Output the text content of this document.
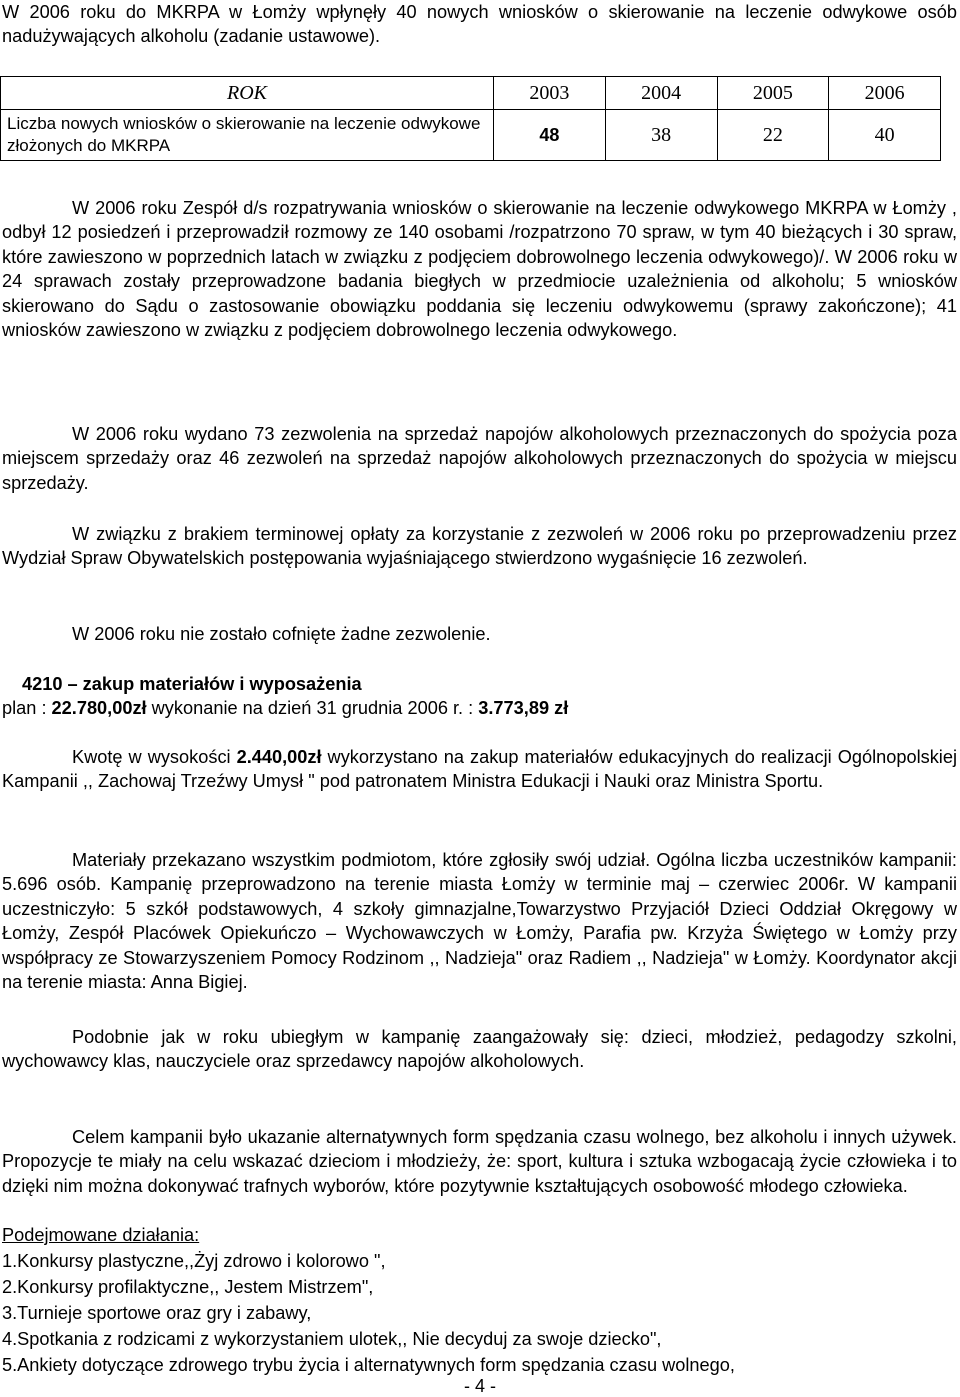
W 2006 roku do MKRPA w Łomży wpłynęły 40 nowych wniosków o skierowanie na leczenie odwykowe osób nadużywających alkoholu (zadanie ustawowe).

ROK	2003	2004	2005	2006
Liczba nowych wniosków o skierowanie na leczenie odwykowe złożonych do MKRPA	48	38	22	40

W 2006 roku Zespół d/s rozpatrywania wniosków o skierowanie na leczenie odwykowego MKRPA w Łomży , odbył 12 posiedzeń i przeprowadził rozmowy ze 140 osobami /rozpatrzono 70 spraw, w tym 40 bieżących i 30 spraw, które zawieszono w poprzednich latach w związku z podjęciem dobrowolnego leczenia odwykowego)/. W 2006 roku w 24 sprawach zostały przeprowadzone badania biegłych w przedmiocie uzależnienia od alkoholu; 5 wniosków skierowano do Sądu o zastosowanie obowiązku poddania się leczeniu odwykowemu (sprawy zakończone); 41 wniosków zawieszono w związku z podjęciem dobrowolnego leczenia odwykowego.

W 2006 roku wydano 73 zezwolenia na sprzedaż napojów alkoholowych przeznaczonych do spożycia poza miejscem sprzedaży oraz 46 zezwoleń na sprzedaż napojów alkoholowych przeznaczonych do spożycia w miejscu sprzedaży.

W związku z brakiem terminowej opłaty za korzystanie z zezwoleń w 2006 roku po przeprowadzeniu przez Wydział Spraw Obywatelskich postępowania wyjaśniającego stwierdzono wygaśnięcie 16 zezwoleń.

W 2006 roku nie zostało cofnięte żadne zezwolenie.

4210 – zakup materiałów i wyposażenia
plan : 22.780,00zł wykonanie na dzień 31 grudnia 2006 r. : 3.773,89 zł

Kwotę w wysokości 2.440,00zł wykorzystano na zakup materiałów edukacyjnych do realizacji Ogólnopolskiej Kampanii ,, Zachowaj Trzeźwy Umysł " pod patronatem Ministra Edukacji i Nauki oraz Ministra Sportu.

Materiały przekazano wszystkim podmiotom, które zgłosiły swój udział. Ogólna liczba uczestników kampanii: 5.696 osób. Kampanię przeprowadzono na terenie miasta Łomży w terminie maj – czerwiec 2006r. W kampanii uczestniczyło: 5 szkół podstawowych, 4 szkoły gimnazjalne,Towarzystwo Przyjaciół Dzieci Oddział Okręgowy w Łomży, Zespół Placówek Opiekuńczo – Wychowawczych w Łomży, Parafia pw. Krzyża Świętego w Łomży przy współpracy ze Stowarzyszeniem Pomocy Rodzinom ,, Nadzieja" oraz Radiem ,, Nadzieja" w Łomży. Koordynator akcji na terenie miasta: Anna Bigiej.

Podobnie jak w roku ubiegłym w kampanię zaangażowały się: dzieci, młodzież, pedagodzy szkolni, wychowawcy klas, nauczyciele oraz sprzedawcy napojów alkoholowych.

Celem kampanii było ukazanie alternatywnych form spędzania czasu wolnego, bez alkoholu i innych używek. Propozycje te miały na celu wskazać dzieciom i młodzieży, że: sport, kultura i sztuka wzbogacają życie człowieka i to dzięki nim można dokonywać trafnych wyborów, które pozytywnie kształtujących osobowość młodego człowieka.

Podejmowane działania:
1.Konkursy plastyczne,,Żyj zdrowo i kolorowo ",
2.Konkursy profilaktyczne,, Jestem Mistrzem",
3.Turnieje sportowe oraz gry i zabawy,
4.Spotkania z rodzicami z wykorzystaniem ulotek,, Nie decyduj za swoje dziecko",
5.Ankiety dotyczące zdrowego trybu życia i alternatywnych form spędzania czasu wolnego,
- 4 -
